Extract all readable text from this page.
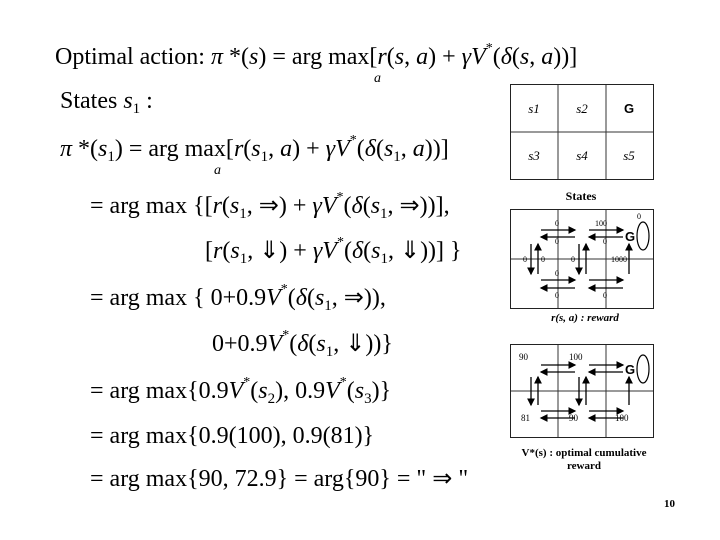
Optimal action: π *(s) = arg max[r(s, a) + γV*(δ(s, a))]
a
States $s_1$ :
π $*(s_1)$ = arg $\max[r(s_1$, $a) + \gamma V^*(\delta(s_1$, a))]
a
= arg $\max \{[r(s_1$, ⇒) + $\gamma V^*(\delta(s_1$, ⇒))],
[$r(s_1$, ⇓) + $\gamma V^*(\delta(s_1$, ⇓))] }
= arg max { $0+0.9V^*(\delta(s_1$, ⇒)),
$0+0.9V^*(\delta(s_1$, ⇓))}
= arg $\max\{0.9V^*(s_2)$, $0.9V^*(s_3)$}
= arg max{0.9(100), 0.9(81)}
= arg max{90, 72.9} = arg{90} = " ⇒ "
s1	s2	G
s3	s4	s5
States
G
0	100
0
0	0
0 0	0	100 0
0
0	0
r(s, a) : reward
90	100
81	90	100
G
V*(s) : optimal cumulative
reward
10
